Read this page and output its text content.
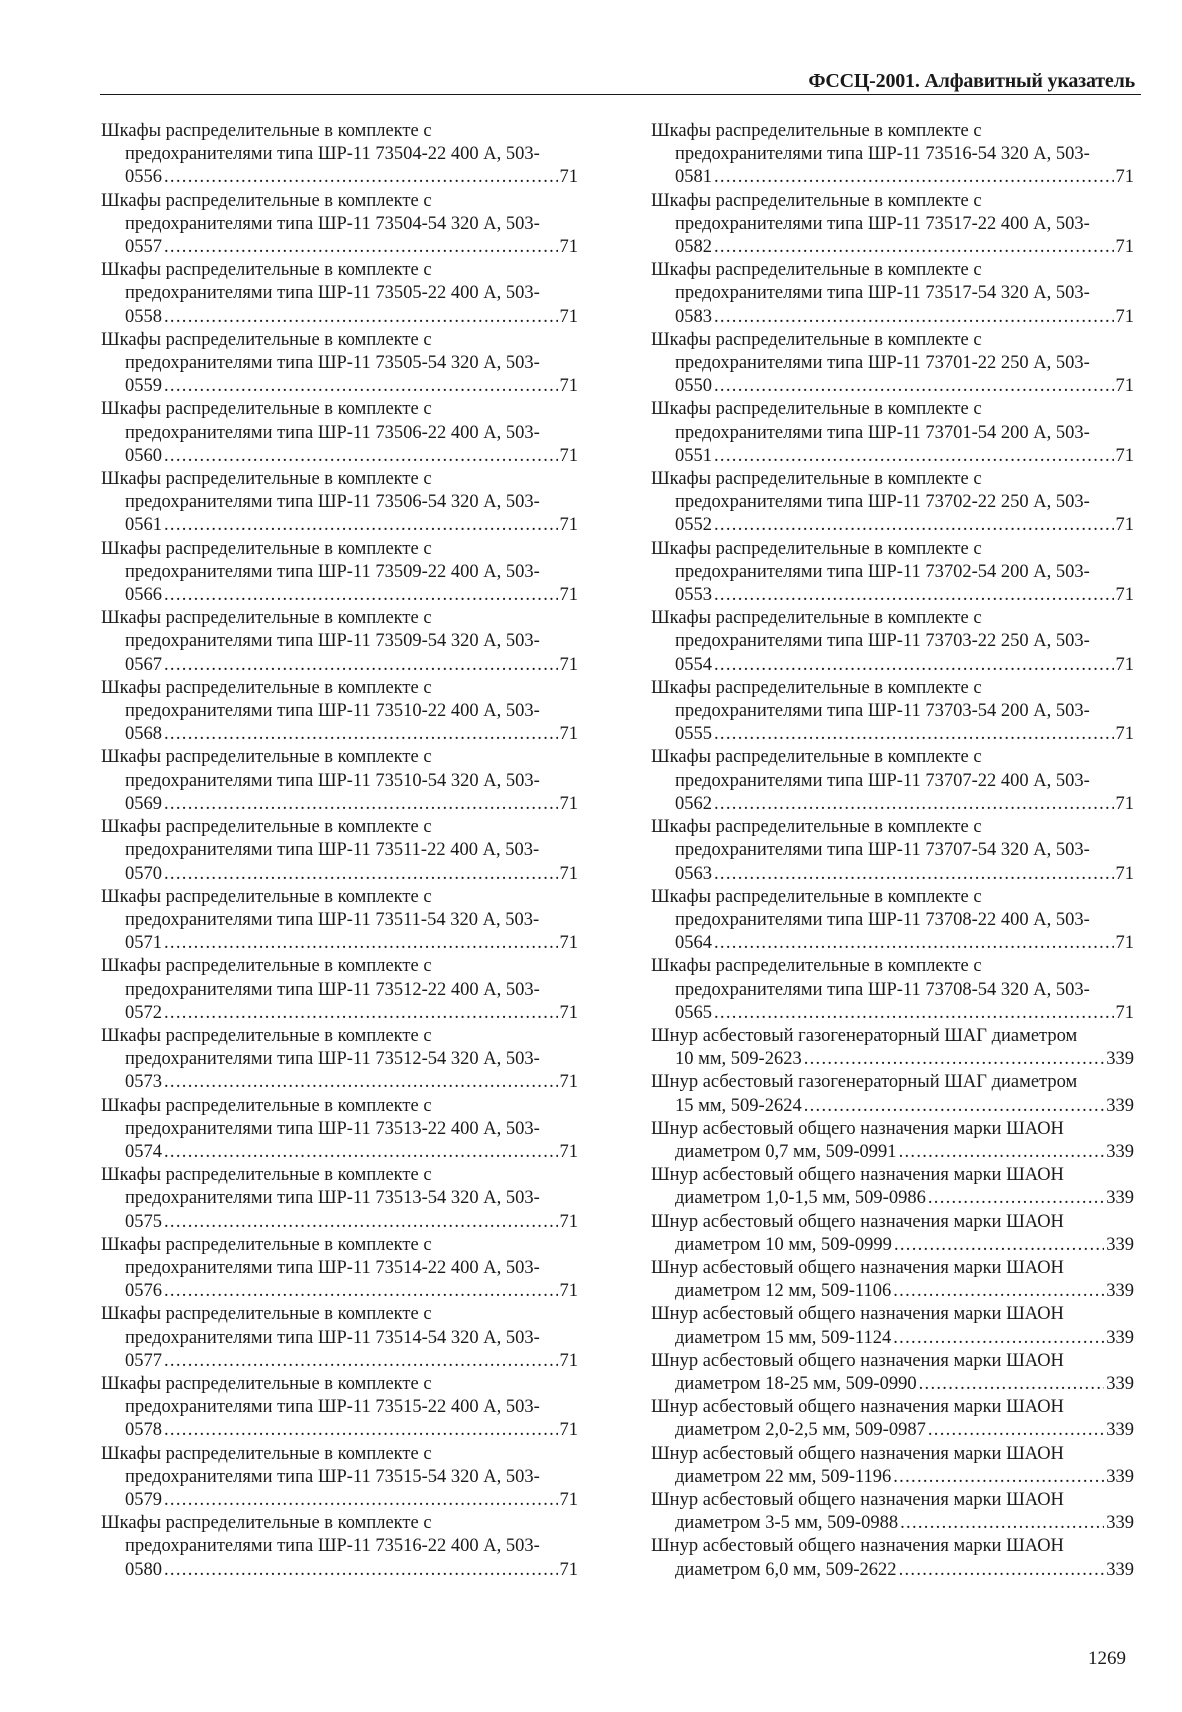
ФССЦ-2001. Алфавитный указатель
Шкафы распределительные в комплекте с
предохранителями типа ШР-11 73504-22 400 А, 503-
0556 .....	71
Шкафы распределительные в комплекте с
предохранителями типа ШР-11 73504-54 320 А, 503-
0557 .....	71
Шкафы распределительные в комплекте с
предохранителями типа ШР-11 73505-22 400 А, 503-
0558 .....	71
Шкафы распределительные в комплекте с
предохранителями типа ШР-11 73505-54 320 А, 503-
0559 .....	71
Шкафы распределительные в комплекте с
предохранителями типа ШР-11 73506-22 400 А, 503-
0560 .....	71
Шкафы распределительные в комплекте с
предохранителями типа ШР-11 73506-54 320 А, 503-
0561 .....	71
Шкафы распределительные в комплекте с
предохранителями типа ШР-11 73509-22 400 А, 503-
0566 .....	71
Шкафы распределительные в комплекте с
предохранителями типа ШР-11 73509-54 320 А, 503-
0567 .....	71
Шкафы распределительные в комплекте с
предохранителями типа ШР-11 73510-22 400 А, 503-
0568 .....	71
Шкафы распределительные в комплекте с
предохранителями типа ШР-11 73510-54 320 А, 503-
0569 .....	71
Шкафы распределительные в комплекте с
предохранителями типа ШР-11 73511-22 400 А, 503-
0570 .....	71
Шкафы распределительные в комплекте с
предохранителями типа ШР-11 73511-54 320 А, 503-
0571 .....	71
Шкафы распределительные в комплекте с
предохранителями типа ШР-11 73512-22 400 А, 503-
0572 .....	71
Шкафы распределительные в комплекте с
предохранителями типа ШР-11 73512-54 320 А, 503-
0573 .....	71
Шкафы распределительные в комплекте с
предохранителями типа ШР-11 73513-22 400 А, 503-
0574 .....	71
Шкафы распределительные в комплекте с
предохранителями типа ШР-11 73513-54 320 А, 503-
0575 .....	71
Шкафы распределительные в комплекте с
предохранителями типа ШР-11 73514-22 400 А, 503-
0576 .....	71
Шкафы распределительные в комплекте с
предохранителями типа ШР-11 73514-54 320 А, 503-
0577 .....	71
Шкафы распределительные в комплекте с
предохранителями типа ШР-11 73515-22 400 А, 503-
0578 .....	71
Шкафы распределительные в комплекте с
предохранителями типа ШР-11 73515-54 320 А, 503-
0579 .....	71
Шкафы распределительные в комплекте с
предохранителями типа ШР-11 73516-22 400 А, 503-
0580 .....	71
Шкафы распределительные в комплекте с
предохранителями типа ШР-11 73516-54 320 А, 503-
0581 .....	71
Шкафы распределительные в комплекте с
предохранителями типа ШР-11 73517-22 400 А, 503-
0582 .....	71
Шкафы распределительные в комплекте с
предохранителями типа ШР-11 73517-54 320 А, 503-
0583 .....	71
Шкафы распределительные в комплекте с
предохранителями типа ШР-11 73701-22 250 А, 503-
0550 .....	71
Шкафы распределительные в комплекте с
предохранителями типа ШР-11 73701-54 200 А, 503-
0551 .....	71
Шкафы распределительные в комплекте с
предохранителями типа ШР-11 73702-22 250 А, 503-
0552 .....	71
Шкафы распределительные в комплекте с
предохранителями типа ШР-11 73702-54 200 А, 503-
0553 .....	71
Шкафы распределительные в комплекте с
предохранителями типа ШР-11 73703-22 250 А, 503-
0554 .....	71
Шкафы распределительные в комплекте с
предохранителями типа ШР-11 73703-54 200 А, 503-
0555 .....	71
Шкафы распределительные в комплекте с
предохранителями типа ШР-11 73707-22 400 А, 503-
0562 .....	71
Шкафы распределительные в комплекте с
предохранителями типа ШР-11 73707-54 320 А, 503-
0563 .....	71
Шкафы распределительные в комплекте с
предохранителями типа ШР-11 73708-22 400 А, 503-
0564 .....	71
Шкафы распределительные в комплекте с
предохранителями типа ШР-11 73708-54 320 А, 503-
0565 .....	71
Шнур асбестовый газогенераторный ШАГ диаметром
10 мм, 509-2623 .....	339
Шнур асбестовый газогенераторный ШАГ диаметром
15 мм, 509-2624 .....	339
Шнур асбестовый общего назначения марки ШАОН
диаметром 0,7 мм, 509-0991 .....	339
Шнур асбестовый общего назначения марки ШАОН
диаметром 1,0-1,5 мм, 509-0986 .....	339
Шнур асбестовый общего назначения марки ШАОН
диаметром 10 мм, 509-0999 .....	339
Шнур асбестовый общего назначения марки ШАОН
диаметром 12 мм, 509-1106 .....	339
Шнур асбестовый общего назначения марки ШАОН
диаметром 15 мм, 509-1124 .....	339
Шнур асбестовый общего назначения марки ШАОН
диаметром 18-25 мм, 509-0990 .....	339
Шнур асбестовый общего назначения марки ШАОН
диаметром 2,0-2,5 мм, 509-0987 .....	339
Шнур асбестовый общего назначения марки ШАОН
диаметром 22 мм, 509-1196 .....	339
Шнур асбестовый общего назначения марки ШАОН
диаметром 3-5 мм, 509-0988 .....	339
Шнур асбестовый общего назначения марки ШАОН
диаметром 6,0 мм, 509-2622 .....	339
1269
